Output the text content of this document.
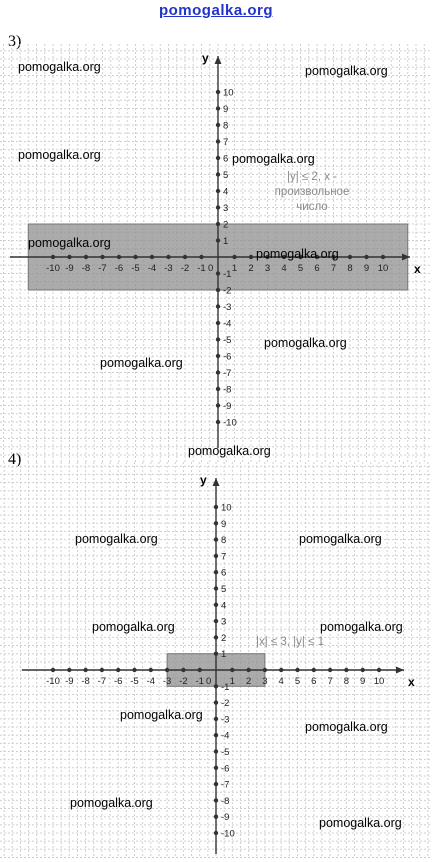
pomogalka.org
3)
x
y
-10 -9 -8 -7 -6 -5 -4 -3 -2 -1	1 2 3 4 5 6 7 8 9 10
-10
-9
-8
-7
-6
-5
-4
-3
-2
-1
1
2
3
4
5
6
7
8
9
10
0
|y| ≤ 2, x -
произвольное
число
pomogalka.org	pomogalka.org
pomogalka.org	pomogalka.org
pomogalka.org
pomogalka.org
pomogalka.org
pomogalka.org
pomogalka.org
4)
x
y
-10 -9 -8 -7 -6 -5 -4 -3 -2 -1	1 2 3 4 5 6 7 8 9 10
-10
-9
-8
-7
-6
-5
-4
-3
-2
-1
1
2
3
4
5
6
7
8
9
10
0
|x| ≤ 3, |y| ≤ 1
pomogalka.org	pomogalka.org
pomogalka.org	pomogalka.org
pomogalka.org
pomogalka.org
pomogalka.org
pomogalka.org
